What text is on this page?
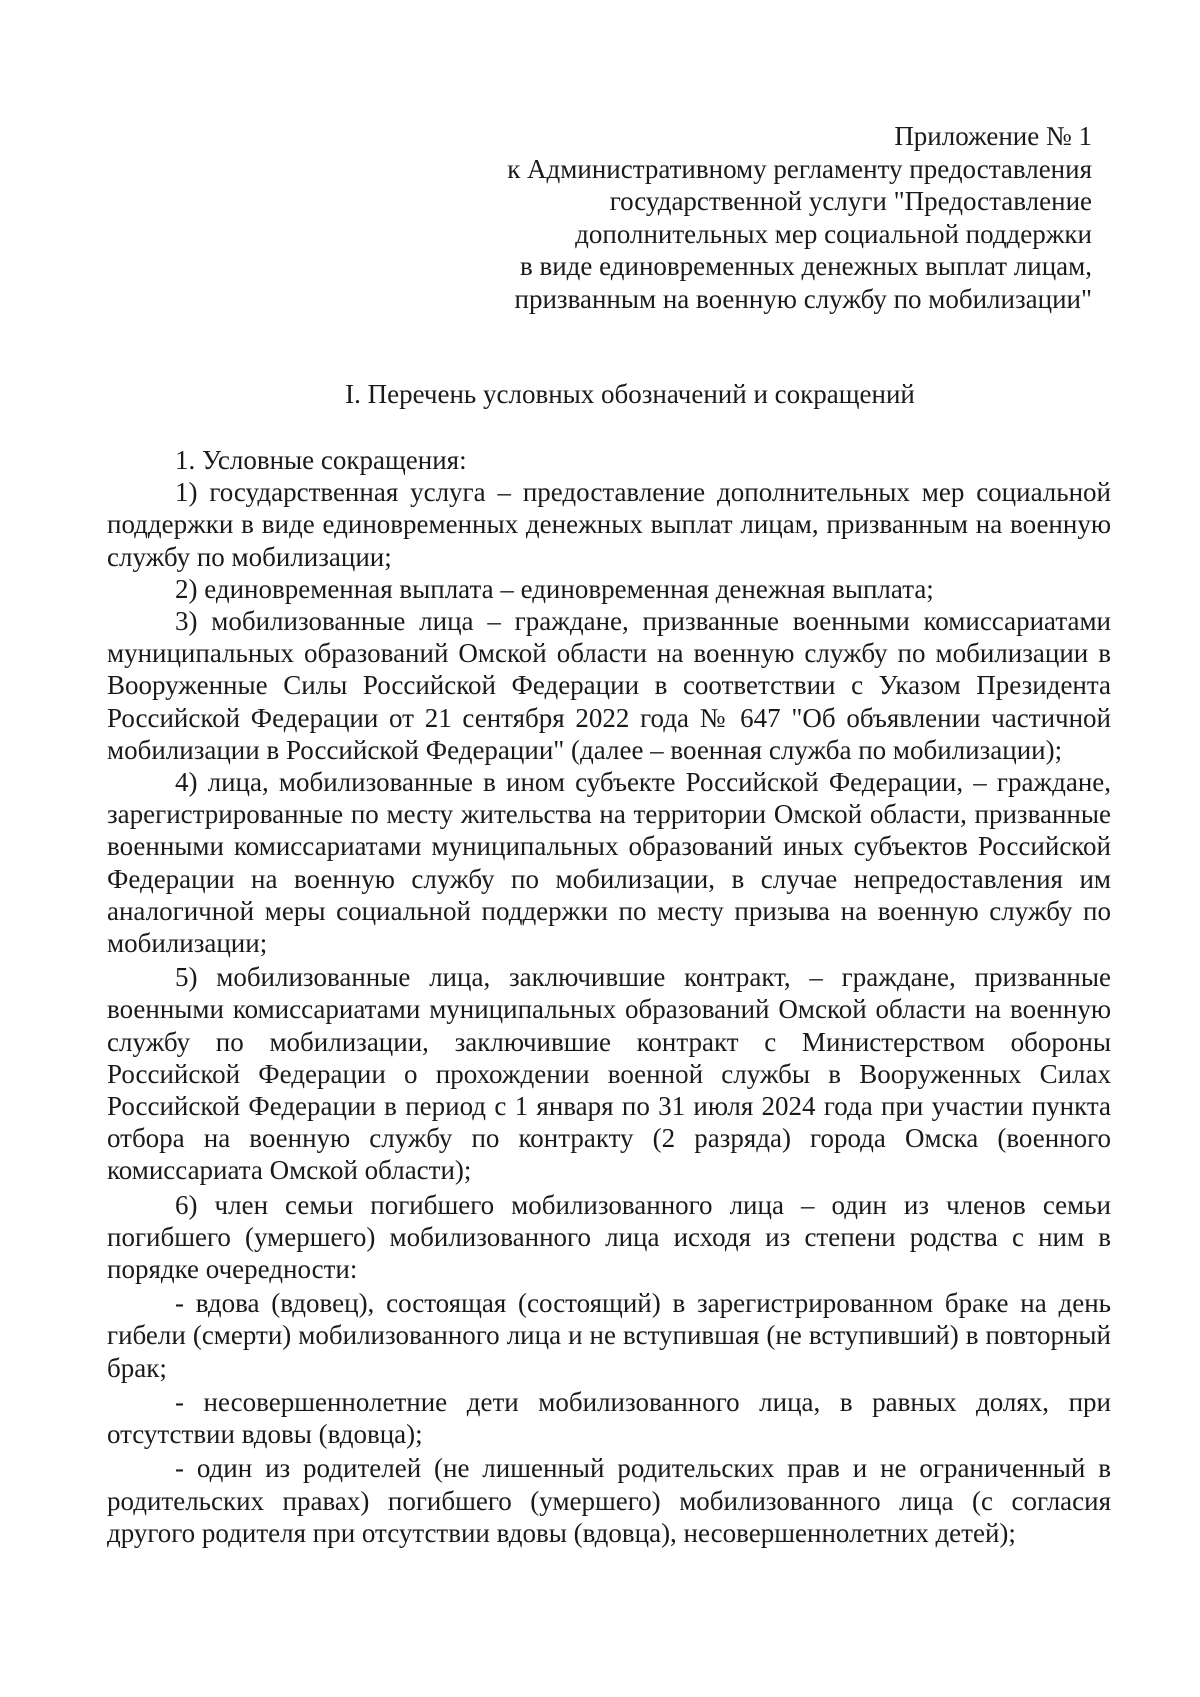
Приложение № 1
к Административному регламенту предоставления
государственной услуги "Предоставление
дополнительных мер социальной поддержки
в виде единовременных денежных выплат лицам,
призванным на военную службу по мобилизации"
I. Перечень условных обозначений и сокращений

1. Условные сокращения:

1) государственная услуга – предоставление дополнительных мер социальной поддержки в виде единовременных денежных выплат лицам, призванным на военную службу по мобилизации;

2) единовременная выплата – единовременная денежная выплата;

3) мобилизованные лица – граждане, призванные военными комиссариатами муниципальных образований Омской области на военную службу по мобилизации в Вооруженные Силы Российской Федерации в соответствии с Указом Президента Российской Федерации от 21 сентября 2022 года № 647 "Об объявлении частичной мобилизации в Российской Федерации" (далее – военная служба по мобилизации);

4) лица, мобилизованные в ином субъекте Российской Федерации, – граждане, зарегистрированные по месту жительства на территории Омской области, призванные военными комиссариатами муниципальных образований иных субъектов Российской Федерации на военную службу по мобилизации, в случае непредоставления им аналогичной меры социальной поддержки по месту призыва на военную службу по мобилизации;

5) мобилизованные лица, заключившие контракт, – граждане, призванные военными комиссариатами муниципальных образований Омской области на военную службу по мобилизации, заключившие контракт с Министерством обороны Российской Федерации о прохождении военной службы в Вооруженных Силах Российской Федерации в период с 1 января по 31 июля 2024 года при участии пункта отбора на военную службу по контракту (2 разряда) города Омска (военного комиссариата Омской области);

6) член семьи погибшего мобилизованного лица – один из членов семьи погибшего (умершего) мобилизованного лица исходя из степени родства с ним в порядке очередности:

- вдова (вдовец), состоящая (состоящий) в зарегистрированном браке на день гибели (смерти) мобилизованного лица и не вступившая (не вступивший) в повторный брак;

- несовершеннолетние дети мобилизованного лица, в равных долях, при отсутствии вдовы (вдовца);

- один из родителей (не лишенный родительских прав и не ограниченный в родительских правах) погибшего (умершего) мобилизованного лица (с согласия другого родителя при отсутствии вдовы (вдовца), несовершеннолетних детей);
